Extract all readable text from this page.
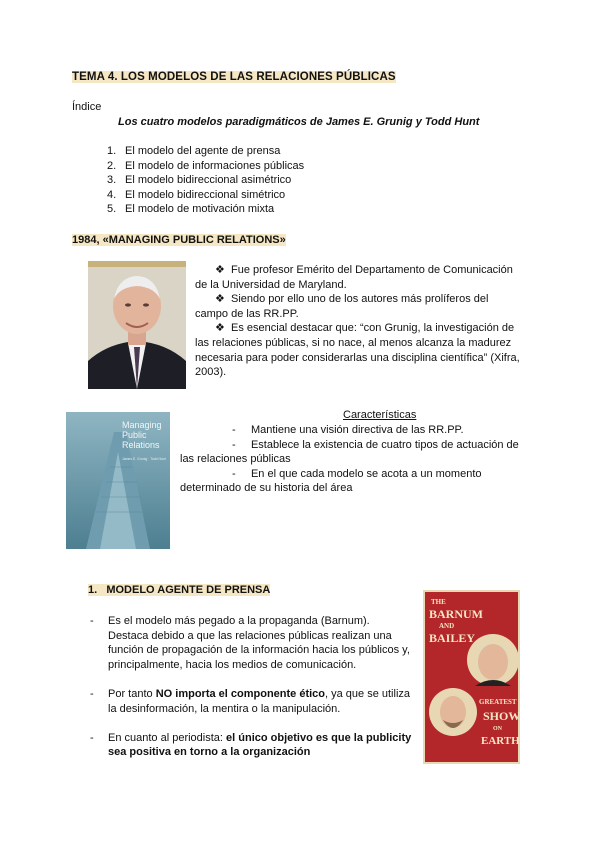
TEMA 4. LOS MODELOS DE LAS RELACIONES PÚBLICAS
Índice
Los cuatro modelos paradigmáticos de James E. Grunig y Todd Hunt
1. El modelo del agente de prensa
2. El modelo de informaciones públicas
3. El modelo bidireccional asimétrico
4. El modelo bidireccional simétrico
5. El modelo de motivación mixta
1984, «MANAGING PUBLIC RELATIONS»

❖ Fue profesor Emérito del Departamento de Comunicación

de la Universidad de Maryland.

❖ Siendo por ello uno de los autores más prolíferos del

campo de las RR.PP.

❖ Es esencial destacar que: “con Grunig, la investigación de

las relaciones públicas, si no nace, al menos alcanza la madurez

necesaria para poder considerarlas una disciplina científica” (Xifra,

2003).

Managing
Public
Relations
James E. Grunig · Todd Hunt
Características

- Mantiene una visión directiva de las RR.PP.

- Establece la existencia de cuatro tipos de actuación de

las relaciones públicas

- En el que cada modelo se acota a un momento

determinado de su historia del área

1.   MODELO AGENTE DE PRENSA
- Es el modelo más pegado a la propaganda (Barnum).
Destaca debido a que las relaciones públicas realizan una
función de propagación de la información hacia los públicos y,
principalmente, hacia los medios de comunicación.
- Por tanto NO importa el componente ético, ya que se utiliza
la desinformación, la mentira o la manipulación.
- En cuanto al periodista: el único objetivo es que la publicity
sea positiva en torno a la organización
THE
BARNUM
AND
BAILEY
GREATEST
SHOW
ON
EARTH
